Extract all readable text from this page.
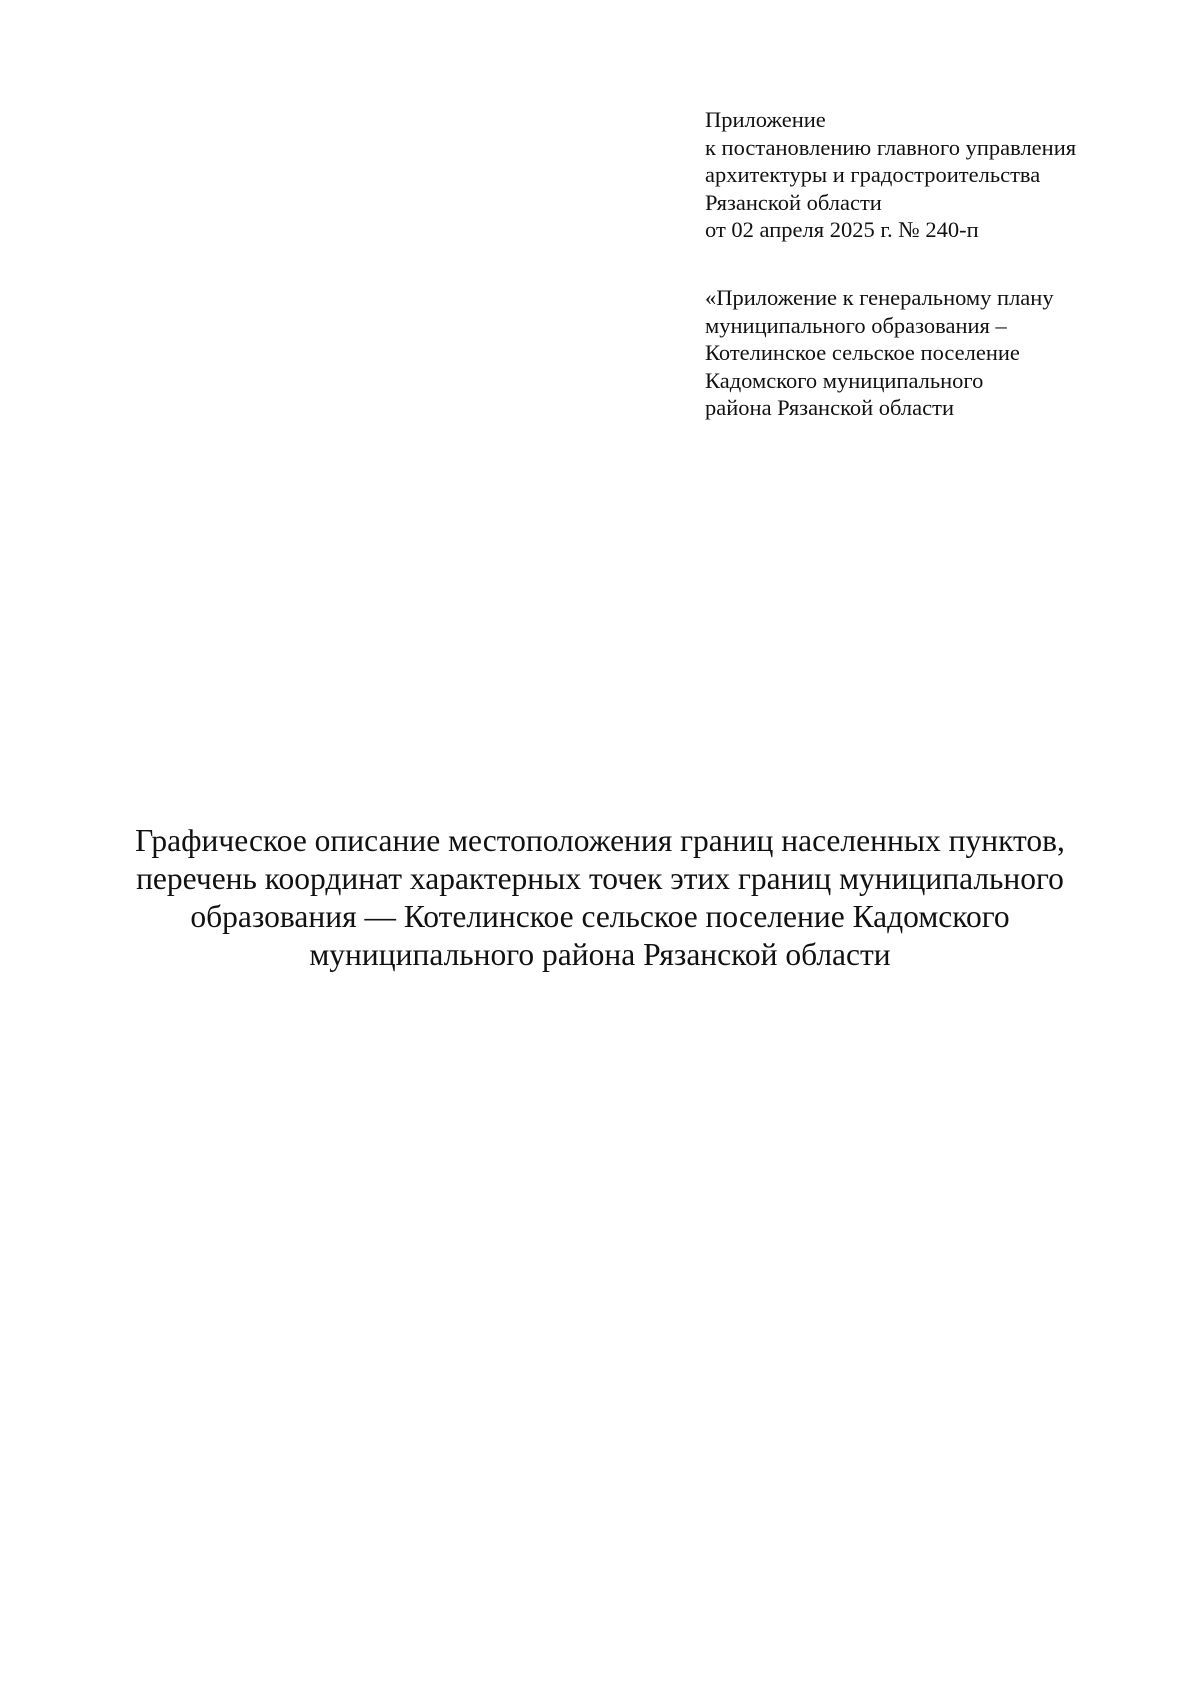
Приложение
к постановлению главного управления
архитектуры и градостроительства
Рязанской области
от 02 апреля 2025 г. № 240-п
«Приложение к генеральному плану
муниципального образования –
Котелинское сельское поселение
Кадомского муниципального
района Рязанской области
Графическое описание местоположения границ населенных пунктов,
перечень координат характерных точек этих границ муниципального
образования — Котелинское сельское поселение Кадомского
муниципального района Рязанской области
